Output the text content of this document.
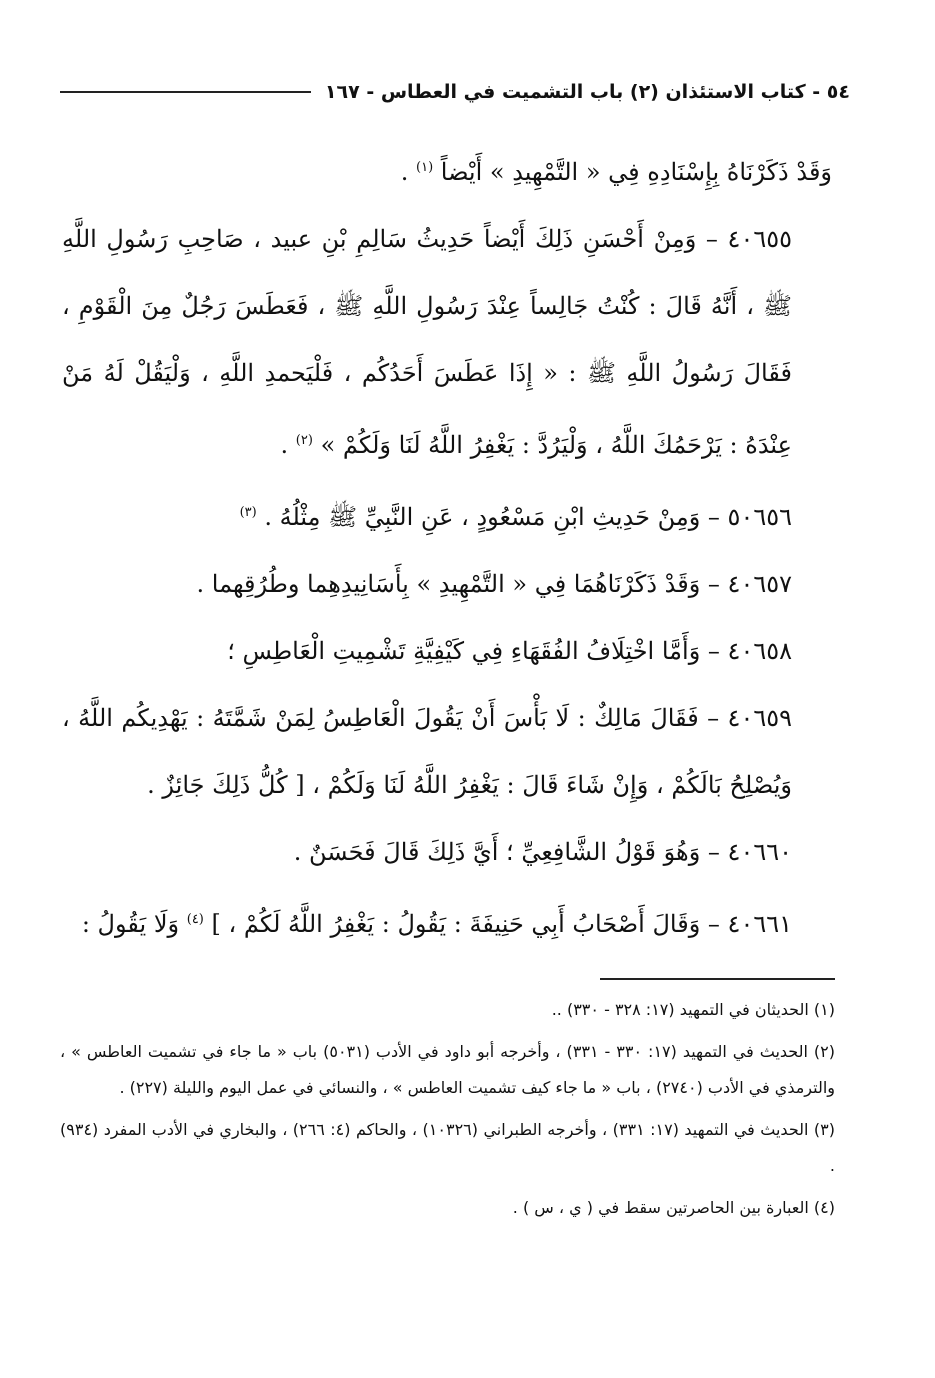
٥٤ - كتاب الاستئذان (٢) باب التشميت في العطاس - ١٦٧

وَقَدْ ذَكَرْنَاهُ بِإِسْنَادِهِ فِي « التَّمْهِيدِ » أَيْضاً $^{(١)}$ .

٤٠٦٥٥ – وَمِنْ أَحْسَنِ ذَلِكَ أَيْضاً حَدِيثُ سَالِمِ بْنِ عبيد ، صَاحِبِ رَسُولِ اللَّهِ ﷺ ، أَنَّهُ قَالَ : كُنْتُ جَالِساً عِنْدَ رَسُولِ اللَّهِ ﷺ ، فَعَطَسَ رَجُلٌ مِنَ الْقَوْمِ ، فَقَالَ رَسُولُ اللَّهِ ﷺ : « إِذَا عَطَسَ أَحَدُكُم ، فَلْيَحمدِ اللَّهِ ، وَلْيَقُلْ لَهُ مَنْ عِنْدَهُ : يَرْحَمُكَ اللَّهُ ، وَلْيَرُدَّ : يَغْفِرُ اللَّهُ لَنَا وَلَكُمْ » $^{(٢)}$ .

٥٠٦٥٦ – وَمِنْ حَدِيثِ ابْنِ مَسْعُودٍ ، عَنِ النَّبِيِّ ﷺ مِثْلُهُ . $^{(٣)}$

٤٠٦٥٧ – وَقَدْ ذَكَرْنَاهُمَا فِي « التَّمْهِيدِ » بِأَسَانِيدِهِما وطُرُقِهما .

٤٠٦٥٨ – وَأَمَّا اخْتِلَافُ الفُقَهَاءِ فِي كَيْفِيَّةِ تَشْمِيتِ الْعَاطِسِ ؛

٤٠٦٥٩ – فَقَالَ مَالِكٌ : لَا بَأْسَ أَنْ يَقُولَ الْعَاطِسُ لِمَنْ شَمَّتَهُ : يَهْدِيكُم اللَّهُ ، وَيُصْلِحُ بَالَكُمْ ، وَإِنْ شَاءَ قَالَ : يَغْفِرُ اللَّهُ لَنَا وَلَكُمْ ، [ كُلُّ ذَلِكَ جَائِزٌ .

٤٠٦٦٠ – وَهُوَ قَوْلُ الشَّافِعِيِّ ؛ أَيَّ ذَلِكَ قَالَ فَحَسَنٌ .

٤٠٦٦١ – وَقَالَ أَصْحَابُ أَبِي حَنِيفَةَ : يَقُولُ : يَغْفِرُ اللَّهُ لَكُمْ ، ] $^{(٤)}$ وَلَا يَقُولُ :

(١) الحديثان في التمهيد (١٧: ٣٢٨ - ٣٣٠) ..

(٢) الحديث في التمهيد (١٧: ٣٣٠ - ٣٣١) ، وأخرجه أبو داود في الأدب (٥٠٣١) باب « ما جاء في تشميت العاطس » ، والترمذي في الأدب (٢٧٤٠) ، باب « ما جاء كيف تشميت العاطس » ، والنسائي في عمل اليوم والليلة (٢٢٧) .

(٣) الحديث في التمهيد (١٧: ٣٣١) ، وأخرجه الطبراني (١٠٣٢٦) ، والحاكم (٤: ٢٦٦) ، والبخاري في الأدب المفرد (٩٣٤) .

(٤) العبارة بين الحاصرتين سقط في ( ي ، س ) .
